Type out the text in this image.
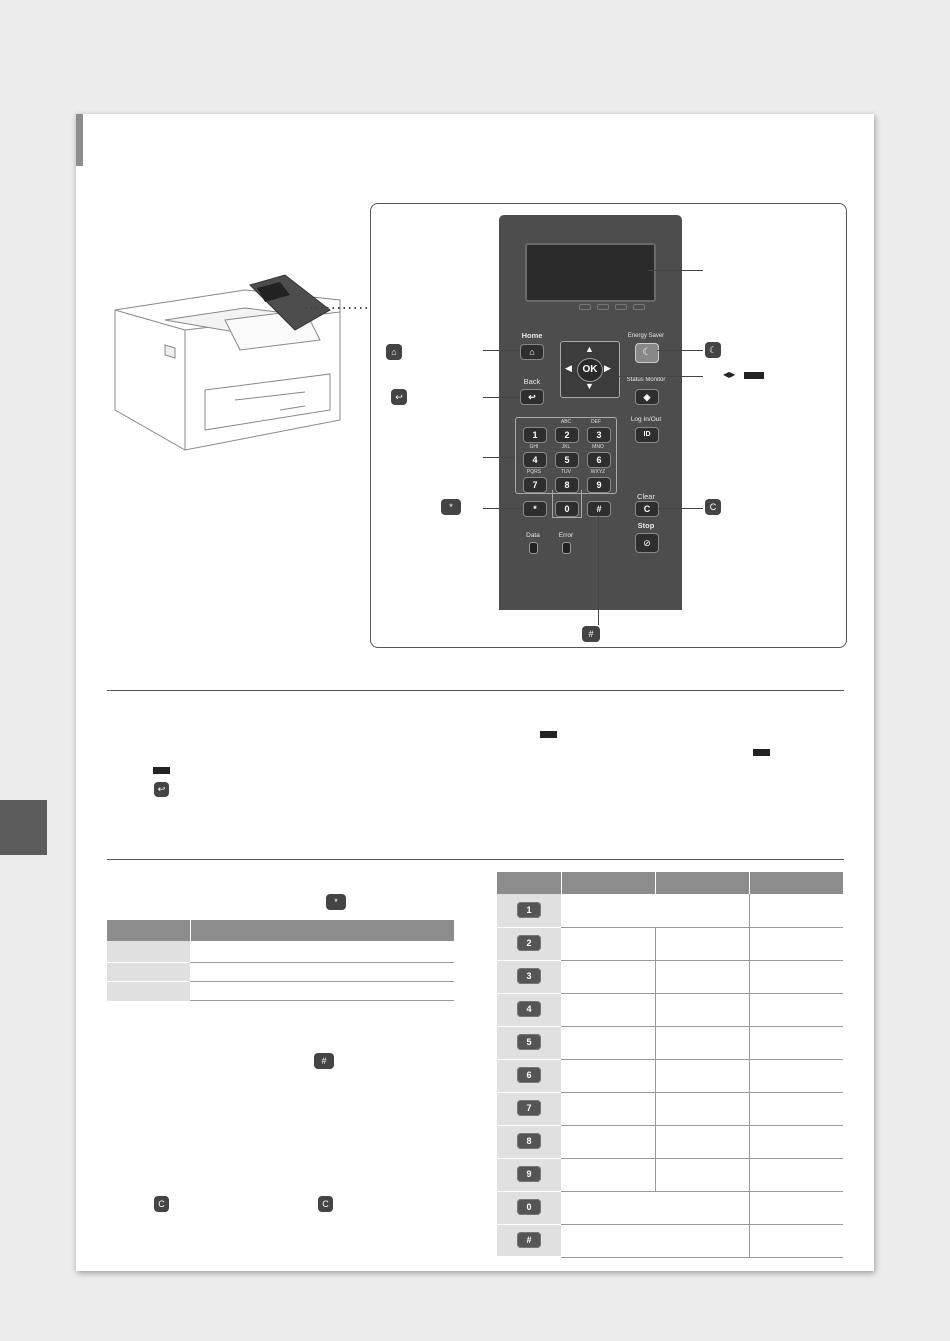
Home
⌂
Back
↩
OK
▲
▼
◀	▶
Energy Saver
☾
Status Monitor
◈
Log In/Out
ID
ABC	DEF
1	2	3
GHI	JKL	MNO
4	5	6
PQRS	TUV	WXYZ
7	8	9
*	0	#
Clear
C
Stop
⊘
Data	Error
⌂
↩
*
☾
C
#
◀▶
↩
*
#
C	C
1
2
3
4
5
6
7
8
9
0
#
